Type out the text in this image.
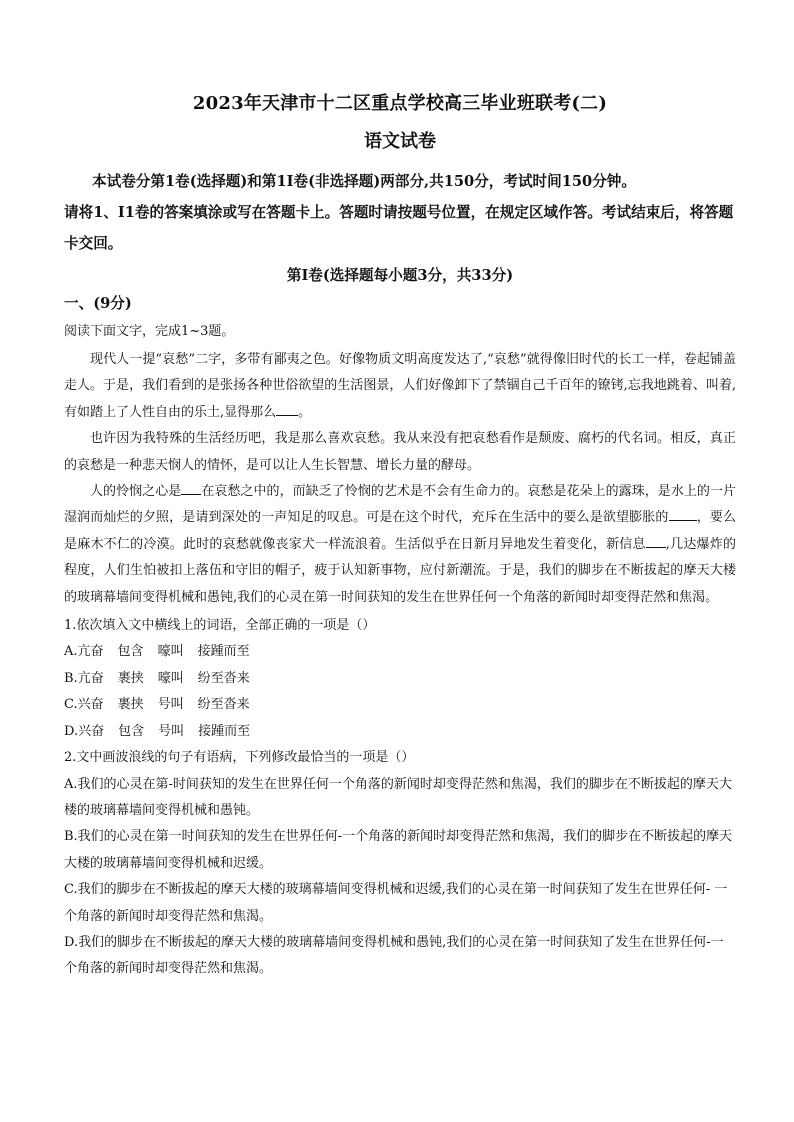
2023年天津市十二区重点学校高三毕业班联考(二)
语文试卷

本试卷分第1卷(选择题)和第1I卷(非选择题)两部分,共150分，考试时间150分钟。

请将1、I1卷的答案填涂或写在答题卡上。答题时请按题号位置，在规定区域作答。考试结束后，将答题卡交回。

第I卷(选择题每小题3分，共33分)
一、(9分)
阅读下面文字，完成1~3题。

现代人一提“哀愁”二字，多带有鄙夷之色。好像物质文明高度发达了,“哀愁”就得像旧时代的长工一样，卷起铺盖走人。于是，我们看到的是张扬各种世俗欲望的生活图景，人们好像卸下了禁锢自己千百年的镣铐,忘我地跳着、叫着,有如踏上了人性自由的乐土,显得那么 。

也许因为我特殊的生活经历吧，我是那么喜欢哀愁。我从来没有把哀愁看作是颓废、腐朽的代名词。相反，真正的哀愁是一种悲天悯人的情怀，是可以让人生长智慧、增长力量的酵母。

人的怜悯之心是 在哀愁之中的，而缺乏了怜悯的艺术是不会有生命力的。哀愁是花朵上的露珠，是水上的一片湿润而灿烂的夕照，是请到深处的一声知足的叹息。可是在这个时代，充斥在生活中的要么是欲望膨胀的 ，要么是麻木不仁的冷漠。此时的哀愁就像丧家犬一样流浪着。生活似乎在日新月异地发生着变化，新信息 ,几达爆炸的程度，人们生怕被扣上落伍和守旧的帽子，疲于认知新事物，应付新潮流。于是，我们的脚步在不断拔起的摩天大楼的玻璃幕墙间变得机械和愚钝,我们的心灵在第一时间获知的发生在世界任何一个角落的新闻时却变得茫然和焦渴。

1.依次填入文中横线上的词语，全部正确的一项是（）

A.亢奋 包含 嚎叫 接踵而至

B.亢奋 裹挟 嚎叫 纷至沓来

C.兴奋 裹挟 号叫 纷至沓来

D.兴奋 包含 号叫 接踵而至

2.文中画波浪线的句子有语病，下列修改最恰当的一项是（）

A.我们的心灵在第-时间获知的发生在世界任何一个角落的新闻时却变得茫然和焦渴，我们的脚步在不断拔起的摩天大楼的玻璃幕墙间变得机械和愚钝。

B.我们的心灵在第一时间获知的发生在世界任何-一个角落的新闻时却变得茫然和焦渴，我们的脚步在不断拔起的摩天大楼的玻璃幕墙间变得机械和迟缓。

C.我们的脚步在不断拔起的摩天大楼的玻璃幕墙间变得机械和迟缓,我们的心灵在第一时间获知了发生在世界任何- 一个角落的新闻时却变得茫然和焦渴。

D.我们的脚步在不断拔起的摩天大楼的玻璃幕墙间变得机械和愚钝,我们的心灵在第一时间获知了发生在世界任何-一个角落的新闻时却变得茫然和焦渴。
